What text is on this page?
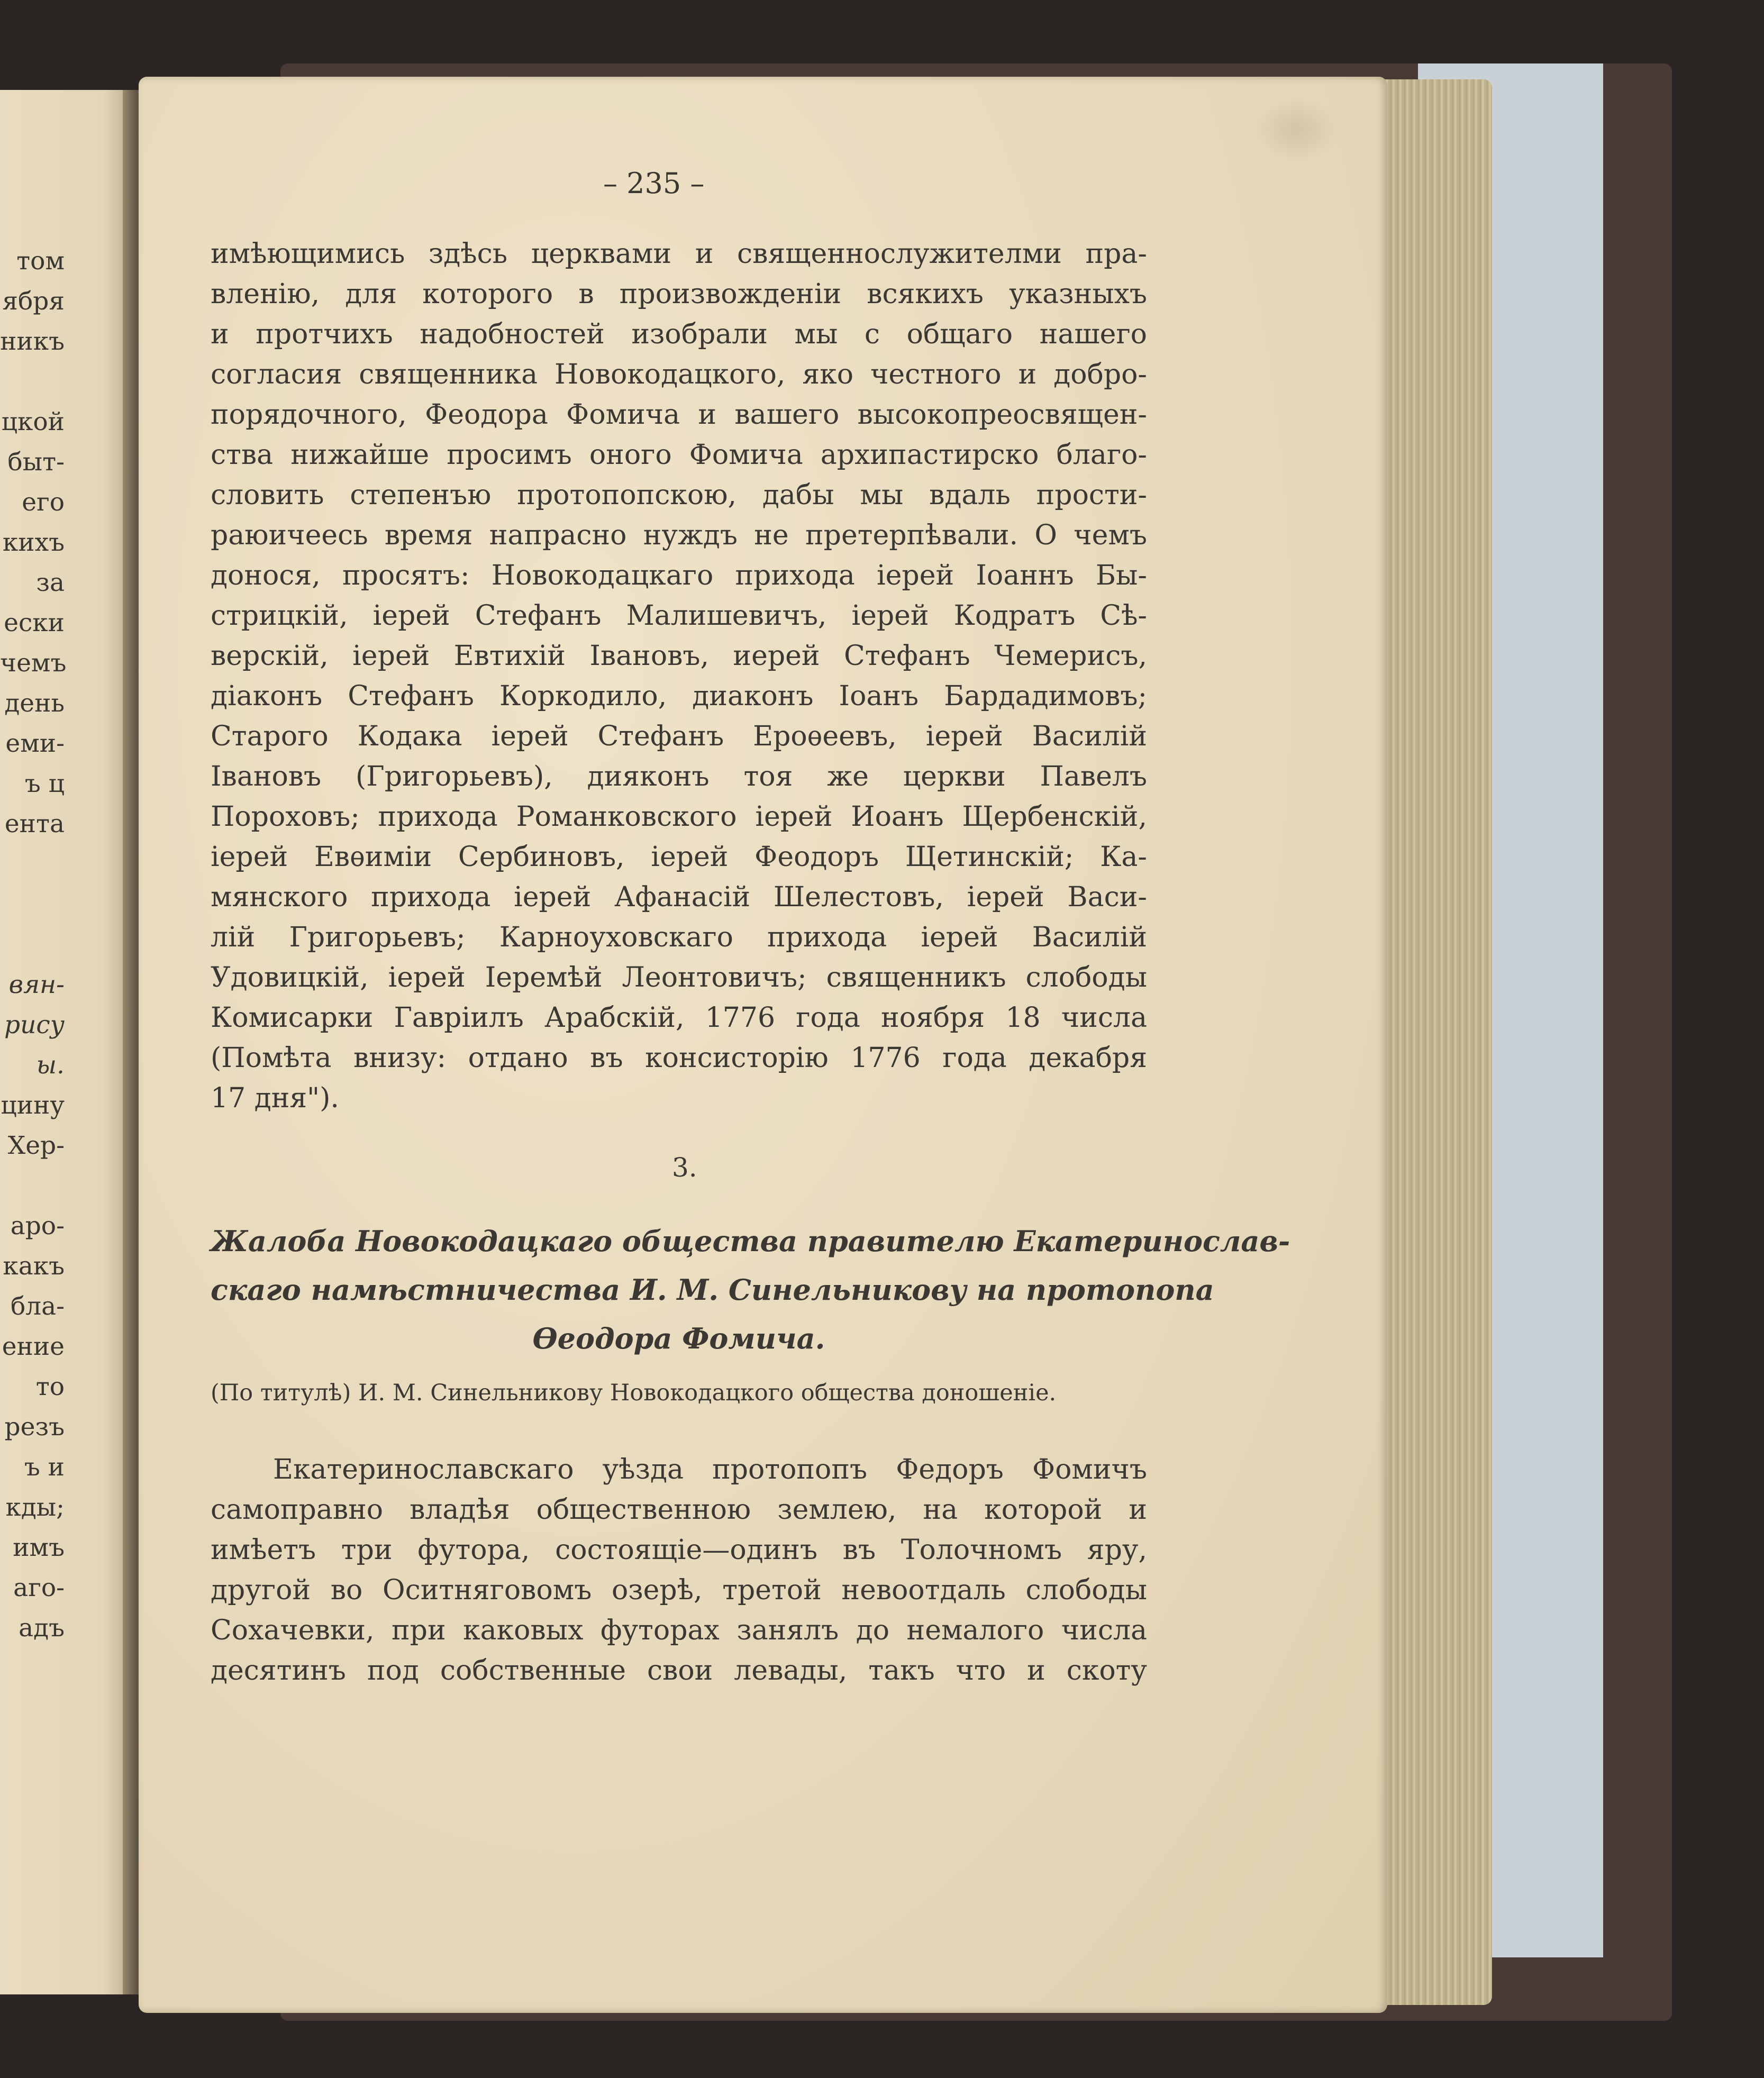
том
ября
никъ
цкой
быт-
его
кихъ
за
ески
чемъ
день
еми-
ъ ц
ента
вян-
рису
ы.
цину
Хер-
аро-
какъ
бла-
ение
то
резъ
ъ и
кды;
имъ
аго-
адъ
– 235 –
имѣющимись здѣсь церквами и священнослужителми пра-
вленію, для которого в произвожденіи всякихъ указныхъ
и протчихъ надобностей изобрали мы с общаго нашего
согласия священника Новокодацкого, яко честного и добро-
порядочного, Феодора Фомича и вашего высокопреосвящен-
ства нижайше просимъ оного Фомича архипастирско благо-
словить степенъю протопопскою, дабы мы вдаль прости-
раюичеесь время напрасно нуждъ не претерпѣвали. О чемъ
донося, просятъ: Новокодацкаго прихода іерей Іоаннъ Бы-
стрицкій, іерей Стефанъ Малишевичъ, іерей Кодратъ Сѣ-
верскій, іерей Евтихій Івановъ, иерей Стефанъ Чемерисъ,
діаконъ Стефанъ Коркодило, диаконъ Іоанъ Бардадимовъ;
Старого Кодака іерей Стефанъ Ероѳеевъ, іерей Василій
Івановъ (Григорьевъ), дияконъ тоя же церкви Павелъ
Пороховъ; прихода Романковского іерей Иоанъ Щербенскій,
іерей Евѳиміи Сербиновъ, іерей Феодоръ Щетинскій; Ка-
мянского прихода іерей Афанасій Шелестовъ, іерей Васи-
лій Григорьевъ; Карноуховскаго прихода іерей Василій
Удовицкій, іерей Іеремѣй Леонтовичъ; священникъ слободы
Комисарки Гавріилъ Арабскій, 1776 года ноября 18 числа
(Помѣта внизу: отдано въ консисторію 1776 года декабря
17 дня").
3.
Жалоба Новокодацкаго общества правителю Екатеринослав-
скаго намѣстничества И. М. Синельникову на протопопа
Ѳеодора Фомича.
(По титулѣ) И. М. Синельникову Новокодацкого общества доношеніе.
Екатеринославскаго уѣзда протопопъ Федоръ Фомичъ
самоправно владѣя общественною землею, на которой и
имѣетъ три футора, состоящіе—одинъ въ Толочномъ яру,
другой во Оситняговомъ озерѣ, третой невоотдаль слободы
Сохачевки, при каковых футорах занялъ до немалого числа
десятинъ под собственные свои левады, такъ что и скоту
